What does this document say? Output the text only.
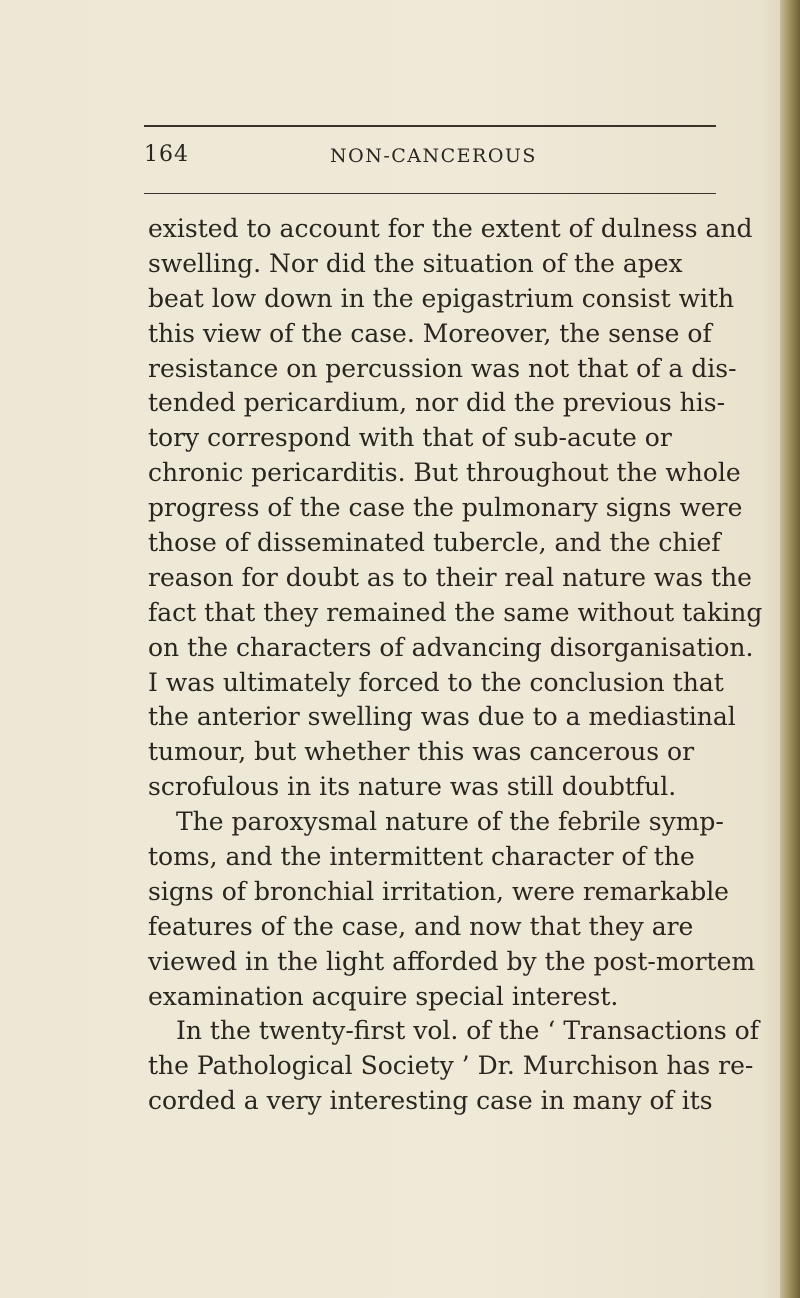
164	NON-CANCEROUS
existed to account for the extent of dulness and
swelling. Nor did the situation of the apex
beat low down in the epigastrium consist with
this view of the case. Moreover, the sense of
resistance on percussion was not that of a dis-
tended pericardium, nor did the previous his-
tory correspond with that of sub-acute or
chronic pericarditis. But throughout the whole
progress of the case the pulmonary signs were
those of disseminated tubercle, and the chief
reason for doubt as to their real nature was the
fact that they remained the same without taking
on the characters of advancing disorganisation.
I was ultimately forced to the conclusion that
the anterior swelling was due to a mediastinal
tumour, but whether this was cancerous or
scrofulous in its nature was still doubtful.
The paroxysmal nature of the febrile symp-
toms, and the intermittent character of the
signs of bronchial irritation, were remarkable
features of the case, and now that they are
viewed in the light afforded by the post-mortem
examination acquire special interest.
In the twenty-first vol. of the ‘ Transactions of
the Pathological Society ’ Dr. Murchison has re-
corded a very interesting case in many of its
